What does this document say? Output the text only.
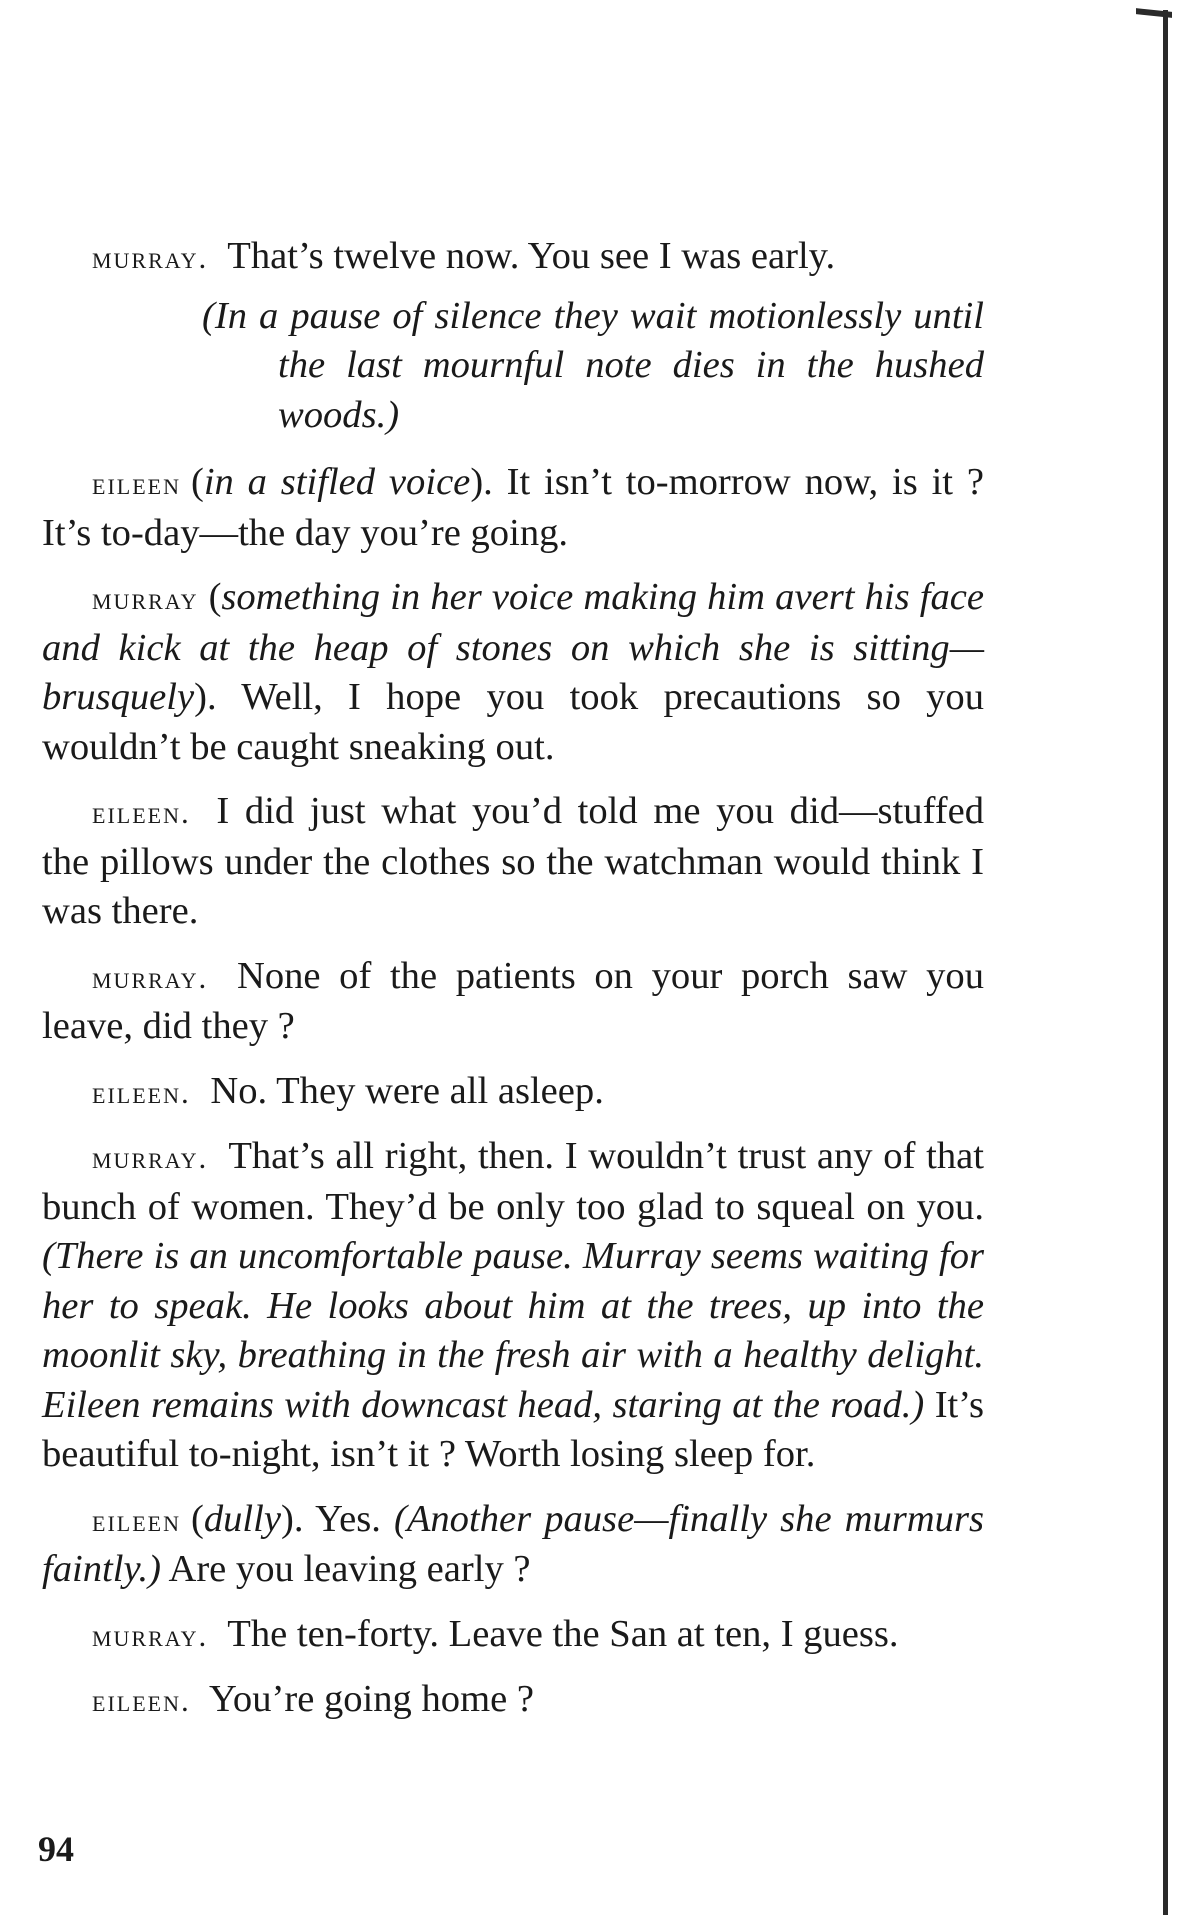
murray. That’s twelve now. You see I was early.

(In a pause of silence they wait motionlessly until the last mournful note dies in the hushed woods.)

eileen (in a stifled voice). It isn’t to-morrow now, is it ? It’s to-day—the day you’re going.

murray (something in her voice making him avert his face and kick at the heap of stones on which she is sitting—brusquely). Well, I hope you took precautions so you wouldn’t be caught sneaking out.

eileen. I did just what you’d told me you did—stuffed the pillows under the clothes so the watchman would think I was there.

murray. None of the patients on your porch saw you leave, did they ?

eileen. No. They were all asleep.

murray. That’s all right, then. I wouldn’t trust any of that bunch of women. They’d be only too glad to squeal on you. (There is an uncomfortable pause. Murray seems waiting for her to speak. He looks about him at the trees, up into the moonlit sky, breathing in the fresh air with a healthy delight. Eileen remains with downcast head, staring at the road.) It’s beautiful to-night, isn’t it ? Worth losing sleep for.

eileen (dully). Yes. (Another pause—finally she murmurs faintly.) Are you leaving early ?

murray. The ten-forty. Leave the San at ten, I guess.

eileen. You’re going home ?

94
